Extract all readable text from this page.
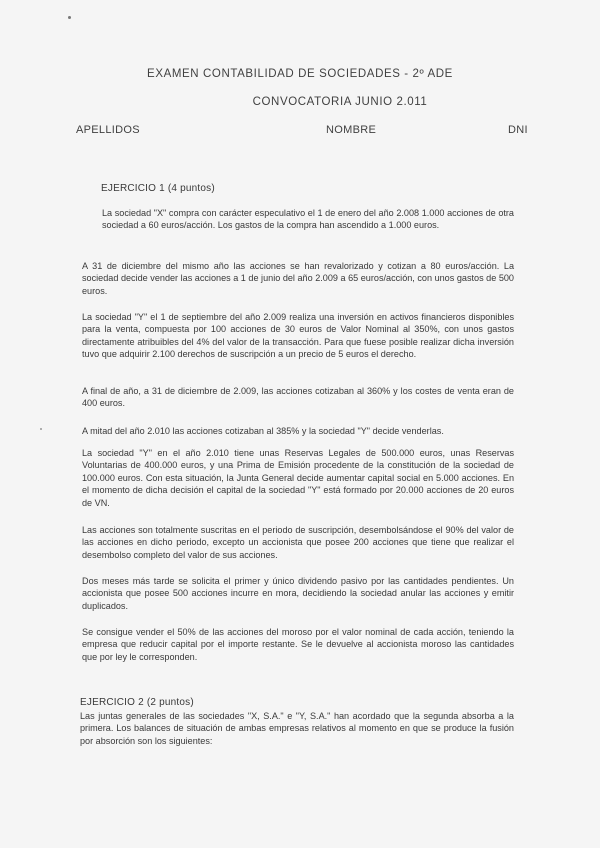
EXAMEN CONTABILIDAD DE SOCIEDADES - 2º ADE
CONVOCATORIA JUNIO 2.011
APELLIDOS	NOMBRE	DNI
EJERCICIO 1 (4 puntos)

La sociedad "X" compra con carácter especulativo el 1 de enero del año 2.008 1.000 acciones de otra sociedad a 60 euros/acción. Los gastos de la compra han ascendido a 1.000 euros.

A 31 de diciembre del mismo año las acciones se han revalorizado y cotizan a 80 euros/acción. La sociedad decide vender las acciones a 1 de junio del año 2.009 a 65 euros/acción, con unos gastos de 500 euros.

La sociedad "Y" el 1 de septiembre del año 2.009 realiza una inversión en activos financieros disponibles para la venta, compuesta por 100 acciones de 30 euros de Valor Nominal al 350%, con unos gastos directamente atribuibles del 4% del valor de la transacción. Para que fuese posible realizar dicha inversión tuvo que adquirir 2.100 derechos de suscripción a un precio de 5 euros el derecho.

A final de año, a 31 de diciembre de 2.009, las acciones cotizaban al 360% y los costes de venta eran de 400 euros.

A mitad del año 2.010 las acciones cotizaban al 385% y la sociedad "Y" decide venderlas.

La sociedad "Y" en el año 2.010 tiene unas Reservas Legales de 500.000 euros, unas Reservas Voluntarias de 400.000 euros, y una Prima de Emisión procedente de la constitución de la sociedad de 100.000 euros. Con esta situación, la Junta General decide aumentar capital social en 5.000 acciones. En el momento de dicha decisión el capital de la sociedad "Y" está formado por 20.000 acciones de 20 euros de VN.

Las acciones son totalmente suscritas en el periodo de suscripción, desembolsándose el 90% del valor de las acciones en dicho periodo, excepto un accionista que posee 200 acciones que tiene que realizar el desembolso completo del valor de sus acciones.

Dos meses más tarde se solicita el primer y único dividendo pasivo por las cantidades pendientes. Un accionista que posee 500 acciones incurre en mora, decidiendo la sociedad anular las acciones y emitir duplicados.

Se consigue vender el 50% de las acciones del moroso por el valor nominal de cada acción, teniendo la empresa que reducir capital por el importe restante. Se le devuelve al accionista moroso las cantidades que por ley le corresponden.

EJERCICIO 2 (2 puntos)

Las juntas generales de las sociedades "X, S.A." e "Y, S.A." han acordado que la segunda absorba a la primera. Los balances de situación de ambas empresas relativos al momento en que se produce la fusión por absorción son los siguientes:
